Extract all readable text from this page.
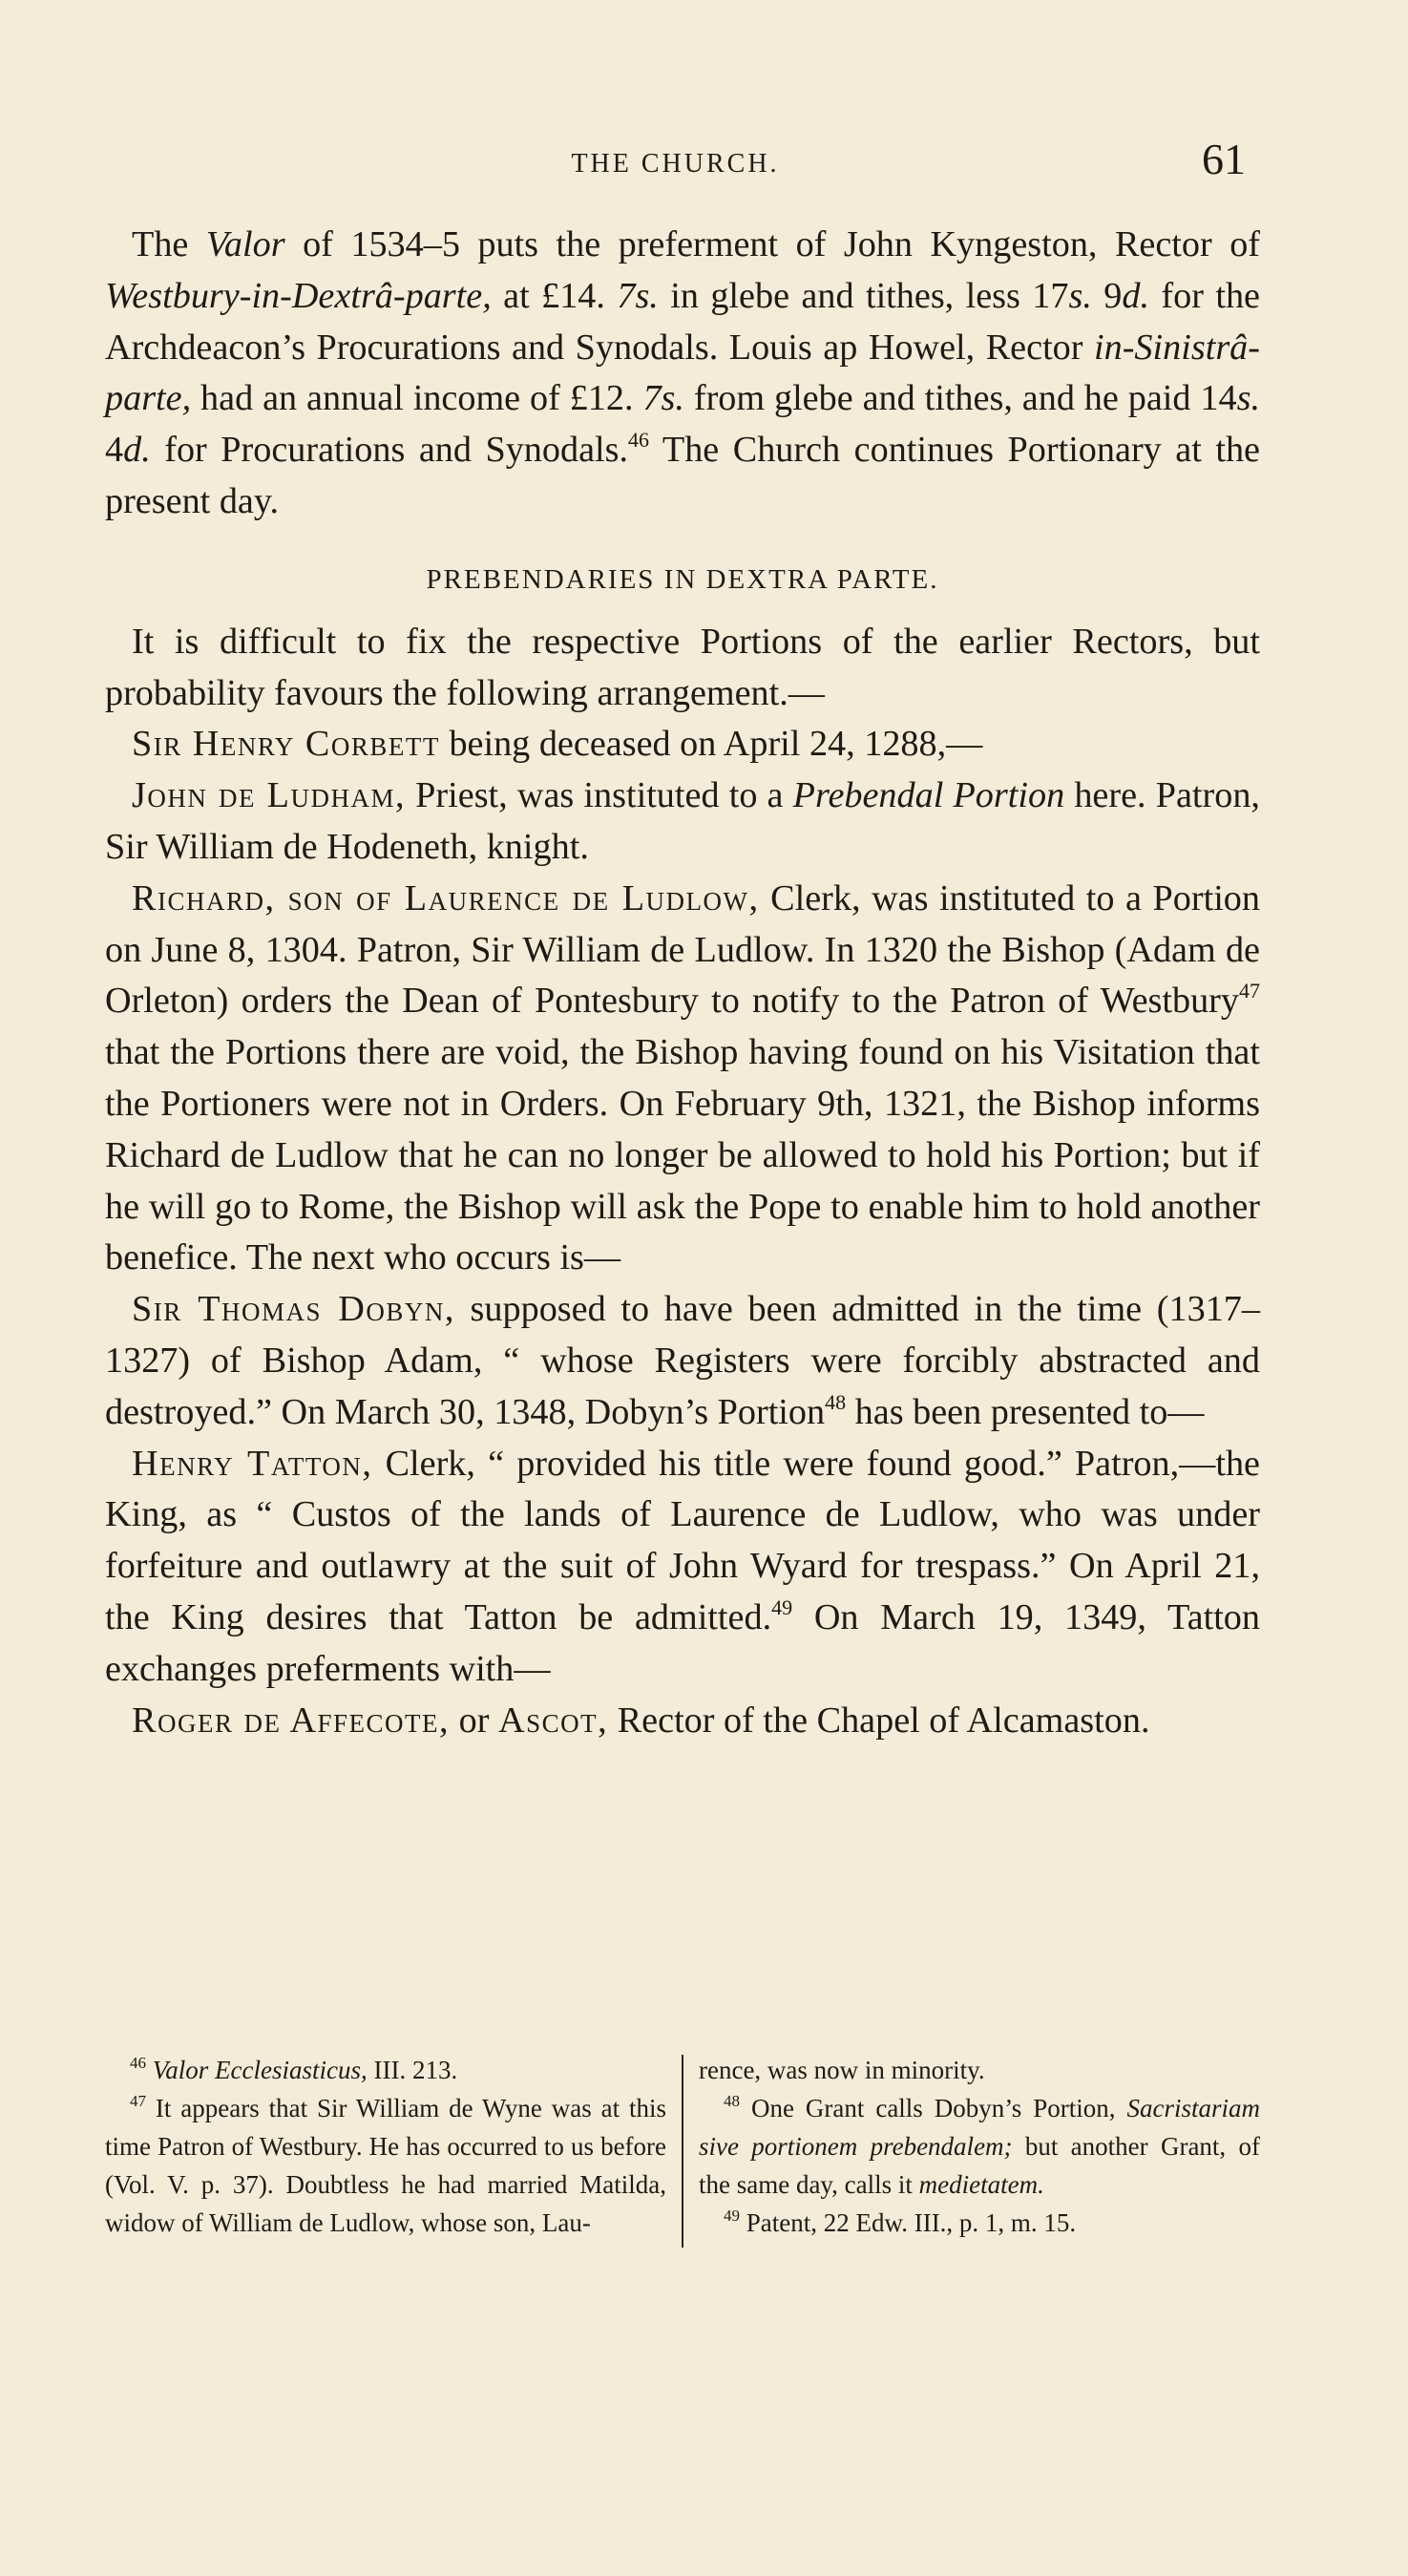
THE CHURCH.	61

The Valor of 1534–5 puts the preferment of John Kyngeston, Rector of Westbury-in-Dextrâ-parte, at £14. 7s. in glebe and tithes, less 17s. 9d. for the Archdeacon’s Procurations and Synodals. Louis ap Howel, Rector in-Sinistrâ-parte, had an annual income of £12. 7s. from glebe and tithes, and he paid 14s. 4d. for Procurations and Synodals.$^{46}$ The Church continues Portionary at the present day.

PREBENDARIES IN DEXTRA PARTE.

It is difficult to fix the respective Portions of the earlier Rectors, but probability favours the following arrangement.—

Sir Henry Corbett being deceased on April 24, 1288,—

John de Ludham, Priest, was instituted to a Prebendal Portion here. Patron, Sir William de Hodeneth, knight.

Richard, son of Laurence de Ludlow, Clerk, was instituted to a Portion on June 8, 1304. Patron, Sir William de Ludlow. In 1320 the Bishop (Adam de Orleton) orders the Dean of Pontesbury to notify to the Patron of Westbury$^{47}$ that the Portions there are void, the Bishop having found on his Visitation that the Portioners were not in Orders. On February 9th, 1321, the Bishop informs Richard de Ludlow that he can no longer be allowed to hold his Portion; but if he will go to Rome, the Bishop will ask the Pope to enable him to hold another benefice. The next who occurs is—

Sir Thomas Dobyn, supposed to have been admitted in the time (1317–1327) of Bishop Adam, “ whose Registers were forcibly abstracted and destroyed.” On March 30, 1348, Dobyn’s Portion$^{48}$ has been presented to—

Henry Tatton, Clerk, “ provided his title were found good.” Patron,—the King, as “ Custos of the lands of Laurence de Ludlow, who was under forfeiture and outlawry at the suit of John Wyard for trespass.” On April 21, the King desires that Tatton be admitted.$^{49}$ On March 19, 1349, Tatton exchanges preferments with—

Roger de Affecote, or Ascot, Rector of the Chapel of Alcamaston.

$^{46}$ Valor Ecclesiasticus, III. 213.

$^{47}$ It appears that Sir William de Wyne was at this time Patron of Westbury. He has occurred to us before (Vol. V. p. 37). Doubtless he had married Matilda, widow of William de Ludlow, whose son, Lau-

rence, was now in minority.

$^{48}$ One Grant calls Dobyn’s Portion, Sacristariam sive portionem prebendalem; but another Grant, of the same day, calls it medietatem.

$^{49}$ Patent, 22 Edw. III., p. 1, m. 15.
